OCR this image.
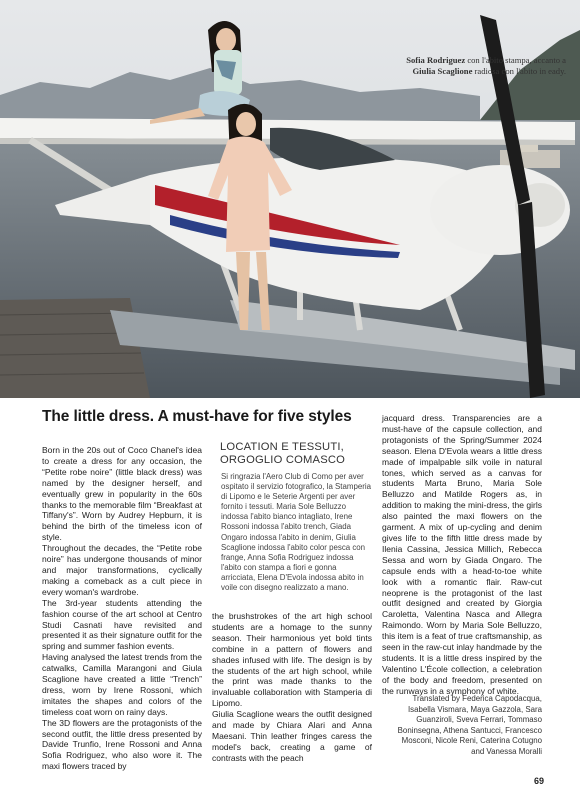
Sofia Rodriguez con l'abito stampa, accanto a Giulia Scaglione radiosa con l'abito in eady.
The little dress. A must-have for five styles

Born in the 20s out of Coco Chanel's idea to create a dress for any occasion, the “Petite robe noire” (little black dress) was named by the designer herself, and eventually grew in popularity in the 60s thanks to the memorable film “Breakfast at Tiffany's”. Worn by Audrey Hepburn, it is behind the birth of the timeless icon of style.

Throughout the decades, the “Petite robe noire” has undergone thousands of minor and major transformations, cyclically making a comeback as a cult piece in every woman's wardrobe.

The 3rd-year students attending the fashion course of the art school at Centro Studi Casnati have revisited and presented it as their signature outfit for the spring and summer fashion events.

Having analysed the latest trends from the catwalks, Camilla Marangoni and Giula Scaglione have created a little “Trench” dress, worn by Irene Rossoni, which imitates the shapes and colors of the timeless coat worn on rainy days.

The 3D flowers are the protagonists of the second outfit, the little dress presented by Davide Trunfio, Irene Rossoni and Anna Sofia Rodriguez, who also wore it. The maxi flowers traced by

LOCATION E TESSUTI, ORGOGLIO COMASCO
Si ringrazia l'Aero Club di Como per aver ospitato il servizio fotografico, la Stamperia di Lipomo e le Seterie Argenti per aver fornito i tessuti. Maria Sole Belluzzo indossa l'abito bianco intagliato, Irene Rossoni indossa l'abito trench, Giada Ongaro indossa l'abito in denim, Giulia Scaglione indossa l'abito color pesca con frange, Anna Sofia Rodriguez indossa l'abito con stampa a fiori e gonna arricciata, Elena D'Evola indossa abito in voile con disegno realizzato a mano.

the brushstrokes of the art high school students are a homage to the sunny season. Their harmonious yet bold tints combine in a pattern of flowers and shades infused with life. The design is by the students of the art high school, while the print was made thanks to the invaluable collaboration with Stamperia di Lipomo.

Giulia Scaglione wears the outfit designed and made by Chiara Alari and Anna Maesani. Thin leather fringes caress the model's back, creating a game of contrasts with the peach

jacquard dress. Transparencies are a must-have of the capsule collection, and protagonists of the Spring/Summer 2024 season. Elena D'Evola wears a little dress made of impalpable silk voile in natural tones, which served as a canvas for students Marta Bruno, Maria Sole Belluzzo and Matilde Rogers as, in addition to making the mini-dress, the girls also painted the maxi flowers on the garment. A mix of up-cycling and denim gives life to the fifth little dress made by Ilenia Cassina, Jessica Millich, Rebecca Sessa and worn by Giada Ongaro. The capsule ends with a head-to-toe white look with a romantic flair. Raw-cut neoprene is the protagonist of the last outfit designed and created by Giorgia Caroletta, Valentina Nasca and Allegra Raimondo. Worn by Maria Sole Belluzzo, this item is a feat of true craftsmanship, as seen in the raw-cut inlay handmade by the students. It is a little dress inspired by the Valentino L'École collection, a celebration of the body and freedom, presented on the runways in a symphony of white.

Translated by Federica Capodacqua, Isabella Vismara, Maya Gazzola, Sara Guanziroli, Sveva Ferrari, Tommaso Boninsegna, Athena Santucci, Francesco Mosconi, Nicole Reni, Caterina Cotugno and Vanessa Moralli
69
